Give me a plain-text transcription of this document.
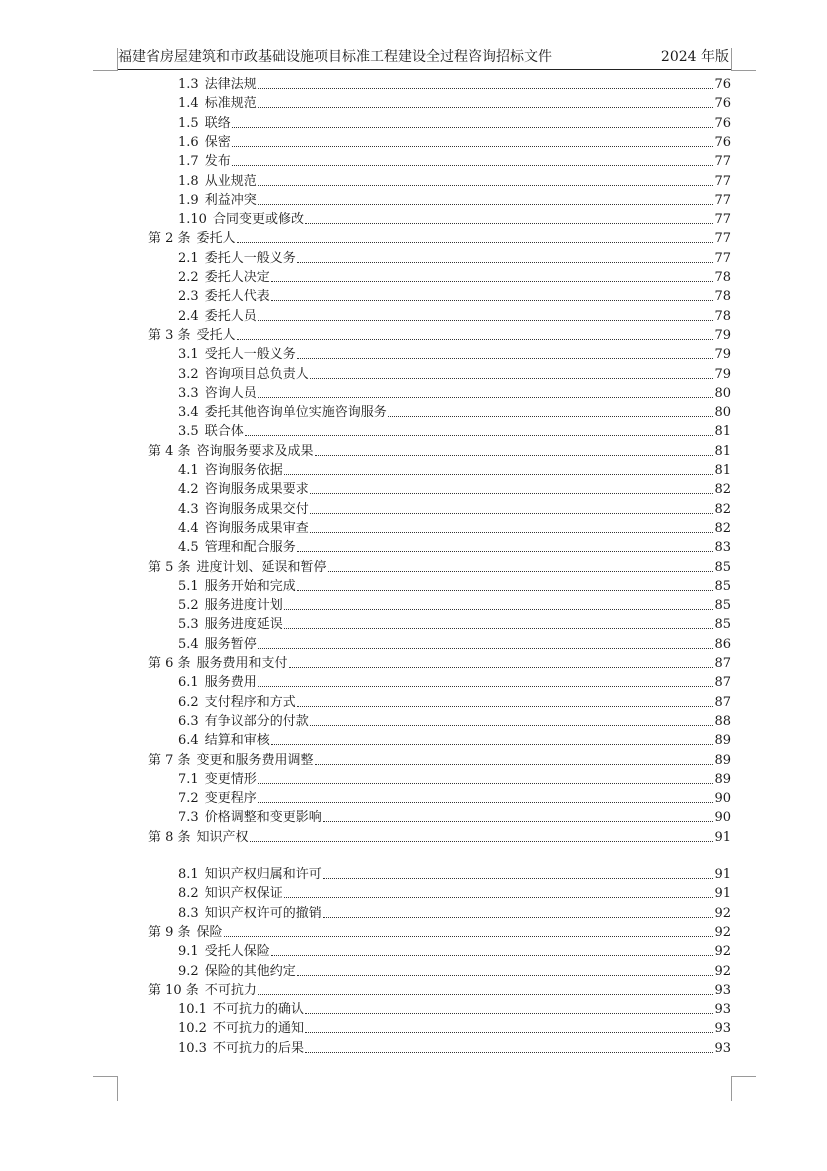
福建省房屋建筑和市政基础设施项目标准工程建设全过程咨询招标文件	2024 年版
1.3 法律法规	76
1.4 标准规范	76
1.5 联络	76
1.6 保密	76
1.7 发布	77
1.8 从业规范	77
1.9 利益冲突	77
1.10 合同变更或修改	77
第 2 条 委托人	77
2.1 委托人一般义务	77
2.2 委托人决定	78
2.3 委托人代表	78
2.4 委托人员	78
第 3 条 受托人	79
3.1 受托人一般义务	79
3.2 咨询项目总负责人	79
3.3 咨询人员	80
3.4 委托其他咨询单位实施咨询服务	80
3.5 联合体	81
第 4 条 咨询服务要求及成果	81
4.1 咨询服务依据	81
4.2 咨询服务成果要求	82
4.3 咨询服务成果交付	82
4.4 咨询服务成果审查	82
4.5 管理和配合服务	83
第 5 条 进度计划、延误和暂停	85
5.1 服务开始和完成	85
5.2 服务进度计划	85
5.3 服务进度延误	85
5.4 服务暂停	86
第 6 条 服务费用和支付	87
6.1 服务费用	87
6.2 支付程序和方式	87
6.3 有争议部分的付款	88
6.4 结算和审核	89
第 7 条 变更和服务费用调整	89
7.1 变更情形	89
7.2 变更程序	90
7.3 价格调整和变更影响	90
第 8 条 知识产权	91
8.1 知识产权归属和许可	91
8.2 知识产权保证	91
8.3 知识产权许可的撤销	92
第 9 条 保险	92
9.1 受托人保险	92
9.2 保险的其他约定	92
第 10 条 不可抗力	93
10.1 不可抗力的确认	93
10.2 不可抗力的通知	93
10.3 不可抗力的后果	93
